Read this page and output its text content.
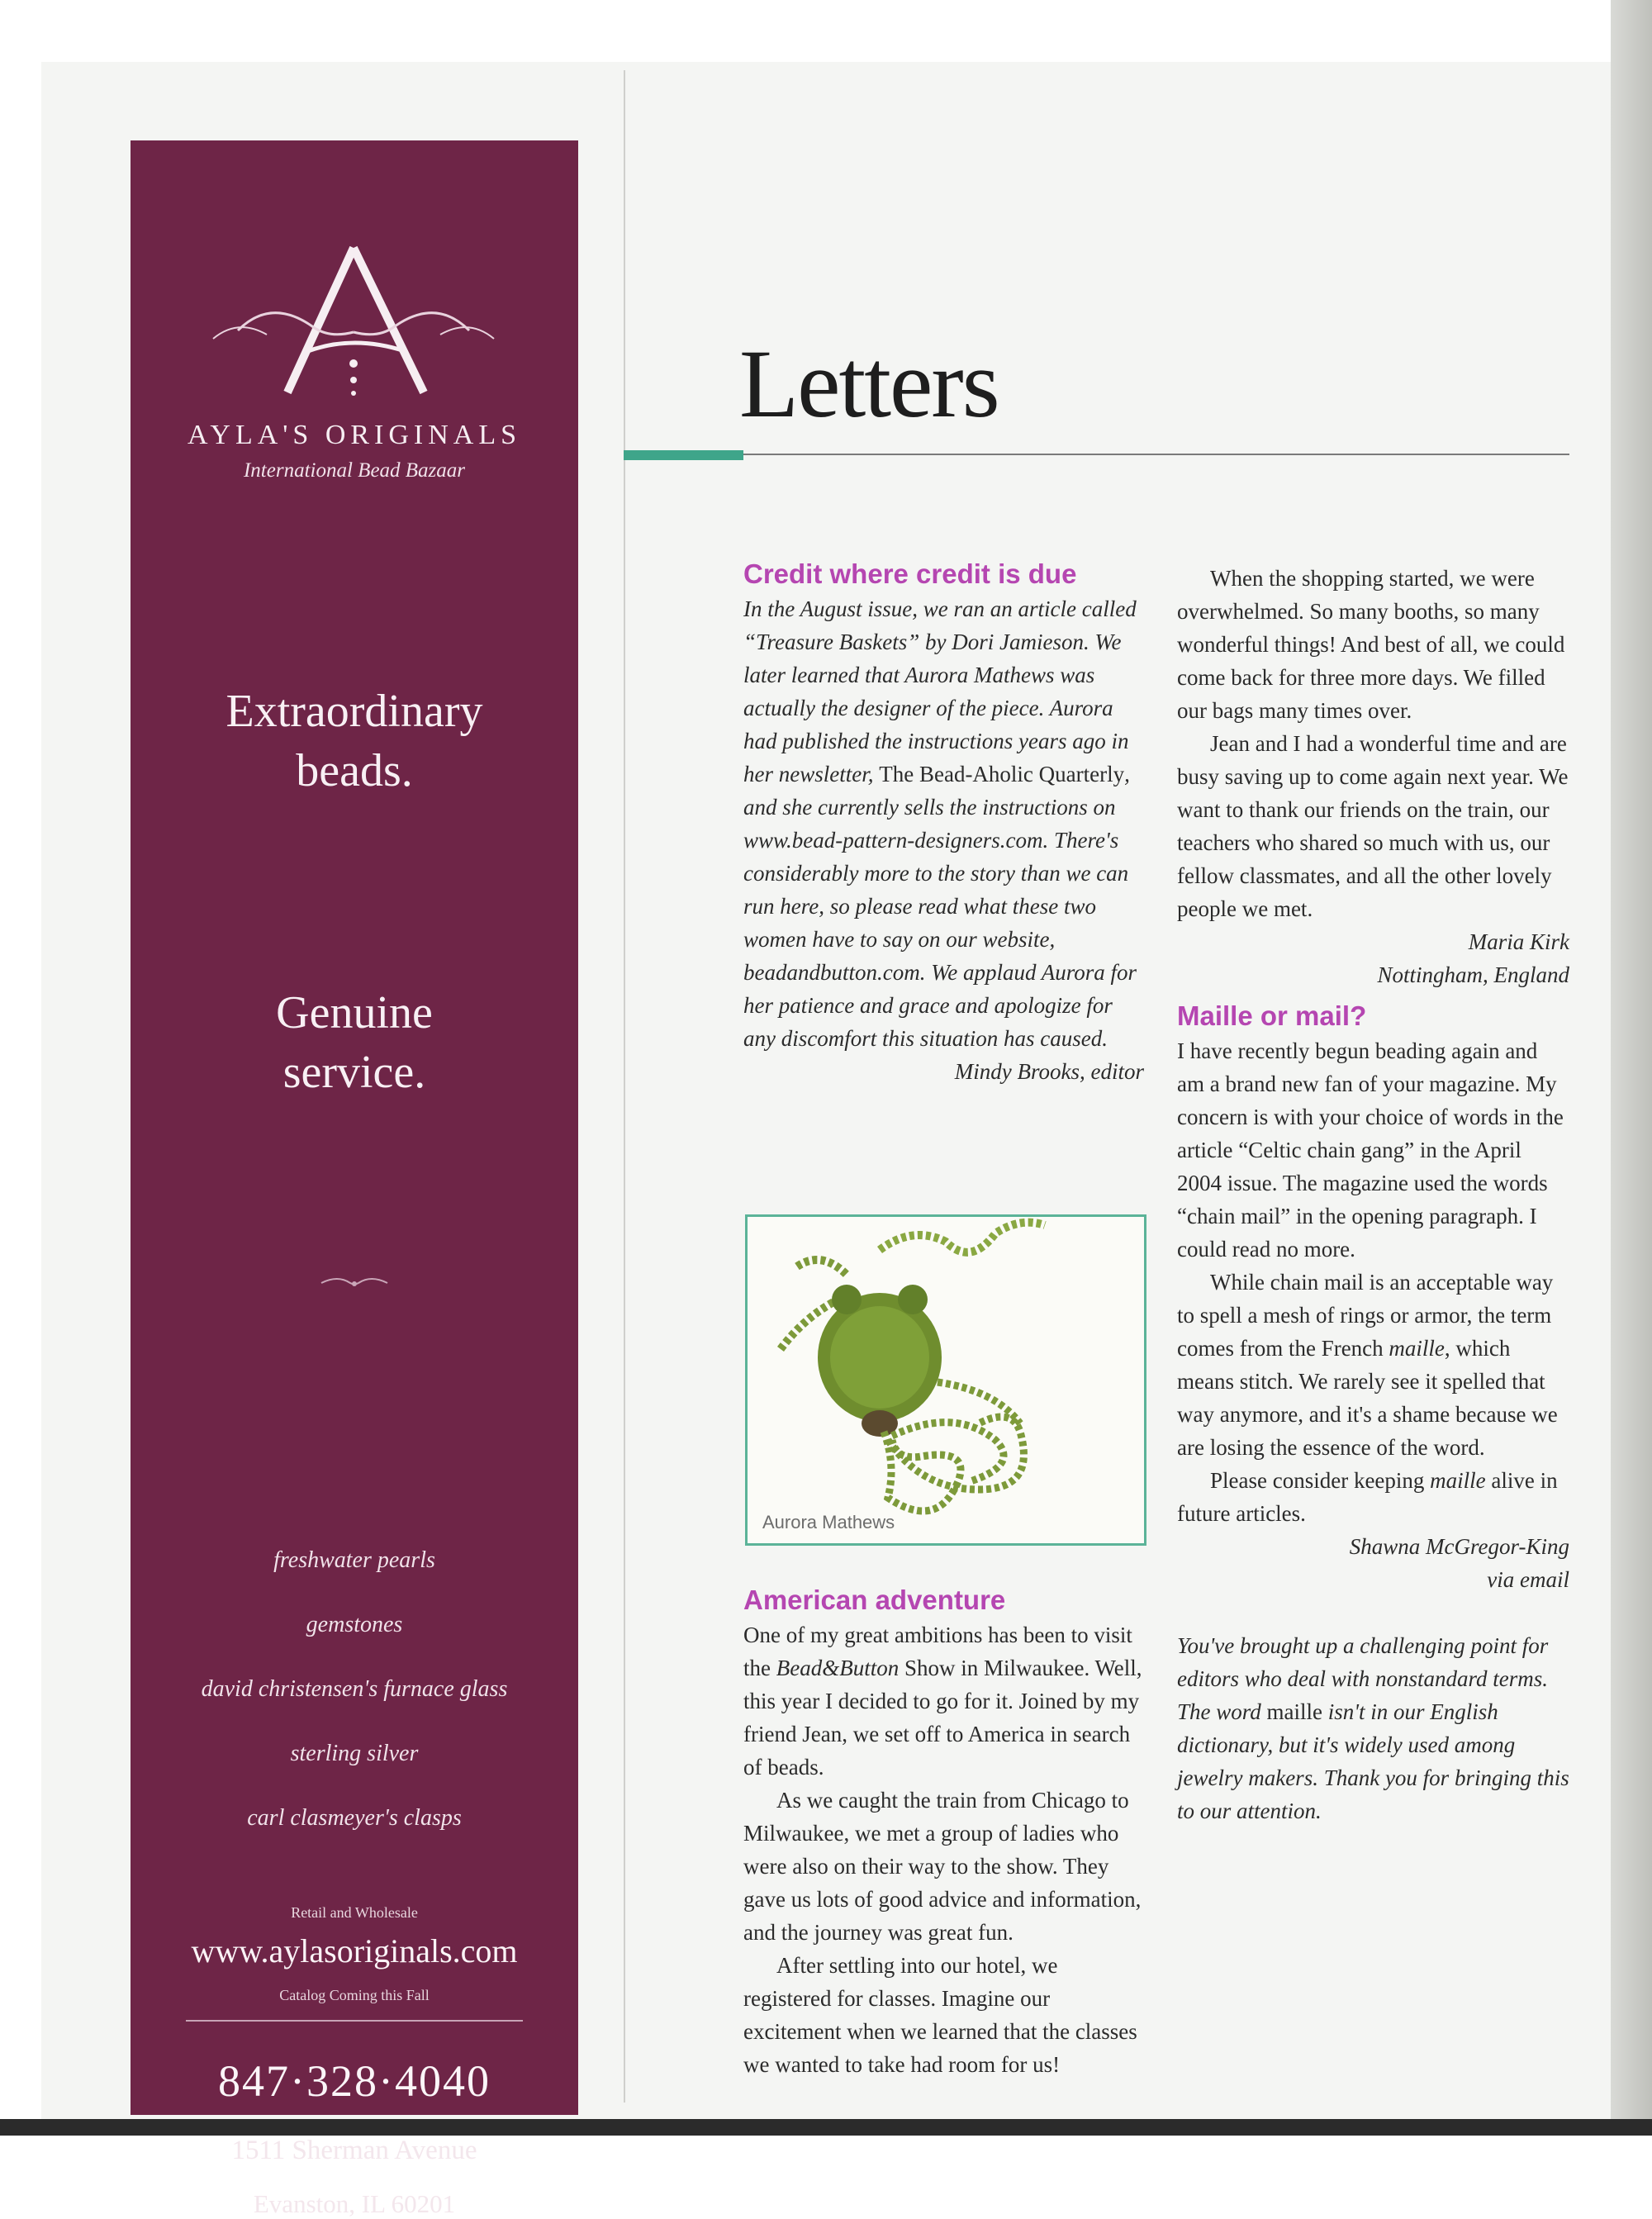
AYLA'S ORIGINALS
International Bead Bazaar
Extraordinary
beads.
Genuine
service.
freshwater pearls
gemstones
david christensen's furnace glass
sterling silver
carl clasmeyer's clasps
Retail and Wholesale
www.aylasoriginals.com
Catalog Coming this Fall
847·328·4040
1511 Sherman Avenue
Evanston, IL 60201
Letters
Credit where credit is due

In the August issue, we ran an article called “Treasure Baskets” by Dori Jamieson. We later learned that Aurora Mathews was actually the designer of the piece. Aurora had published the instructions years ago in her newsletter, The Bead-Aholic Quarterly, and she currently sells the instructions on www.bead-pattern-designers.com. There's considerably more to the story than we can run here, so please read what these two women have to say on our website, beadandbutton.com. We applaud Aurora for her patience and grace and apologize for any discomfort this situation has caused.

Mindy Brooks, editor

Aurora Mathews
American adventure

One of my great ambitions has been to visit the Bead&Button Show in Milwaukee. Well, this year I decided to go for it. Joined by my friend Jean, we set off to America in search of beads.

As we caught the train from Chicago to Milwaukee, we met a group of ladies who were also on their way to the show. They gave us lots of good advice and information, and the journey was great fun.

After settling into our hotel, we registered for classes. Imagine our excitement when we learned that the classes we wanted to take had room for us!

When the shopping started, we were overwhelmed. So many booths, so many wonderful things! And best of all, we could come back for three more days. We filled our bags many times over.

Jean and I had a wonderful time and are busy saving up to come again next year. We want to thank our friends on the train, our teachers who shared so much with us, our fellow classmates, and all the other lovely people we met.

Maria Kirk

Nottingham, England

Maille or mail?

I have recently begun beading again and am a brand new fan of your magazine. My concern is with your choice of words in the article “Celtic chain gang” in the April 2004 issue. The magazine used the words “chain mail” in the opening paragraph. I could read no more.

While chain mail is an acceptable way to spell a mesh of rings or armor, the term comes from the French maille, which means stitch. We rarely see it spelled that way anymore, and it's a shame because we are losing the essence of the word.

Please consider keeping maille alive in future articles.

Shawna McGregor-King

via email

You've brought up a challenging point for editors who deal with nonstandard terms. The word maille isn't in our English dictionary, but it's widely used among jewelry makers. Thank you for bringing this to our attention.
